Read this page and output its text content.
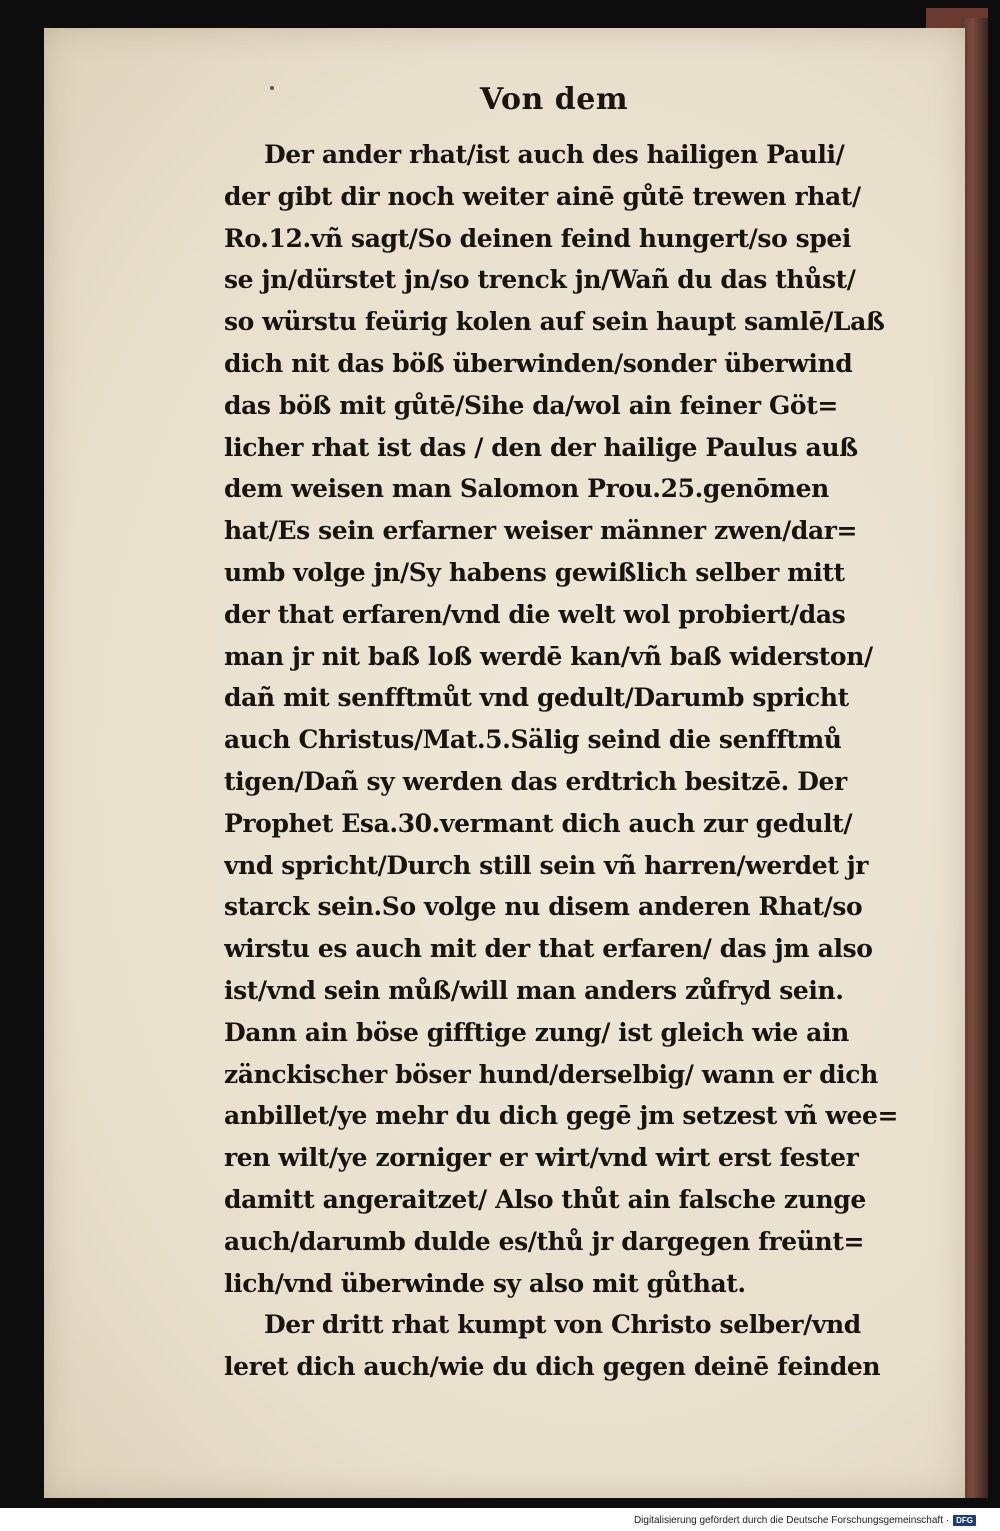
Von dem
Der ander rhat/ist auch des hailigen Pauli/
der gibt dir noch weiter ainē gůtē trewen rhat/
Ro.12.vñ sagt/So deinen feind hungert/so spei
se jn/dürstet jn/so trenck jn/Wañ du das thůst/
so würstu feürig kolen auf sein haupt samlē/Laß
dich nit das böß überwinden/sonder überwind
das böß mit gůtē/Sihe da/wol ain feiner Göt=
licher rhat ist das / den der hailige Paulus auß
dem weisen man Salomon Prou.25.genōmen
hat/Es sein erfarner weiser männer zwen/dar=
umb volge jn/Sy habens gewißlich selber mitt
der that erfaren/vnd die welt wol probiert/das
man jr nit baß loß werdē kan/vñ baß widerston/
dañ mit senfftmůt vnd gedult/Darumb spricht
auch Christus/Mat.5.Sälig seind die senfftmů
tigen/Dañ sy werden das erdtrich besitzē. Der
Prophet Esa.30.vermant dich auch zur gedult/
vnd spricht/Durch still sein vñ harren/werdet jr
starck sein.So volge nu disem anderen Rhat/so
wirstu es auch mit der that erfaren/ das jm also
ist/vnd sein můß/will man anders zůfryd sein.
Dann ain böse gifftige zung/ ist gleich wie ain
zänckischer böser hund/derselbig/ wann er dich
anbillet/ye mehr du dich gegē jm setzest vñ wee=
ren wilt/ye zorniger er wirt/vnd wirt erst fester
damitt angeraitzet/ Also thůt ain falsche zunge
auch/darumb dulde es/thů jr dargegen freünt=
lich/vnd überwinde sy also mit gůthat.
Der dritt rhat kumpt von Christo selber/vnd
leret dich auch/wie du dich gegen deinē feinden
Digitalisierung gefördert durch die Deutsche Forschungsgemeinschaft · DFG
